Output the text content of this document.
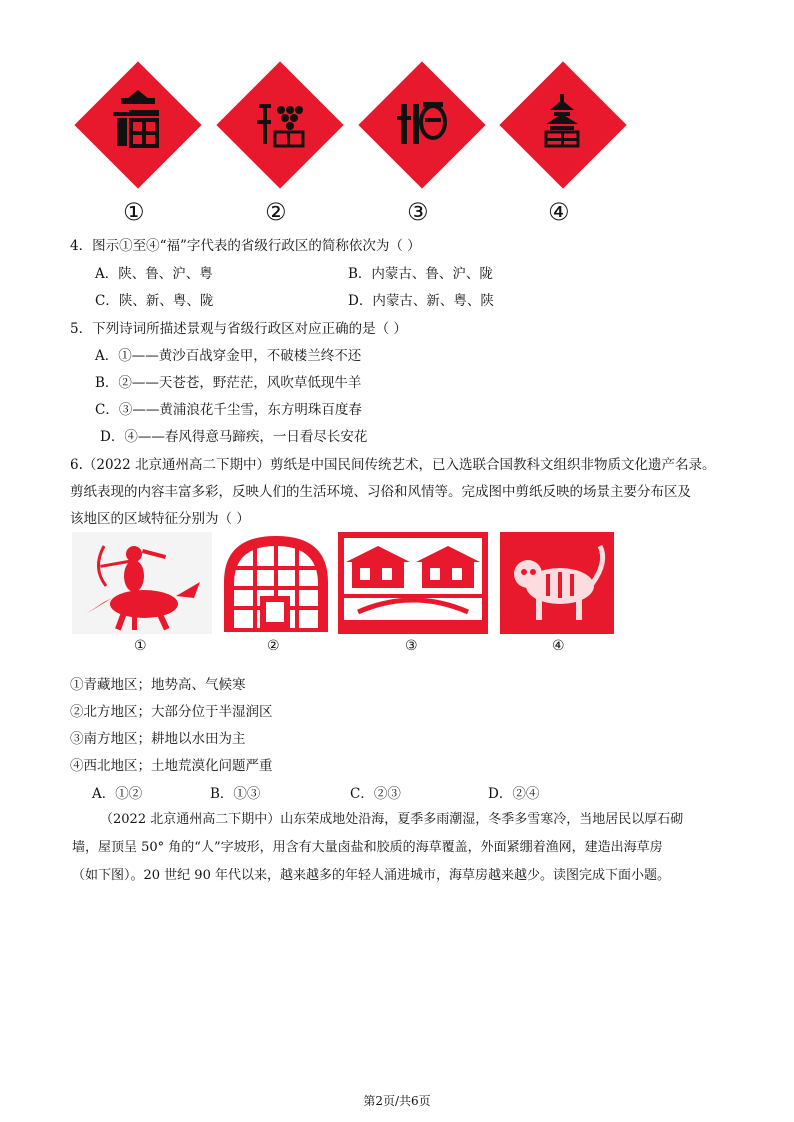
①	②	③	④
4．图示①至④“福”字代表的省级行政区的简称依次为（ ）
A．陕、鲁、沪、粤	B．内蒙古、鲁、沪、陇
C．陕、新、粤、陇	D．内蒙古、新、粤、陕
5．下列诗词所描述景观与省级行政区对应正确的是（ ）
A．①——黄沙百战穿金甲，不破楼兰终不还
B．②——天苍苍，野茫茫，风吹草低现牛羊
C．③——黄浦浪花千尘雪，东方明珠百度春
D．④——春风得意马蹄疾，一日看尽长安花
6.（2022 北京通州高二下期中）剪纸是中国民间传统艺术，已入选联合国教科文组织非物质文化遗产名录。
剪纸表现的内容丰富多彩，反映人们的生活环境、习俗和风情等。完成图中剪纸反映的场景主要分布区及
该地区的区域特征分别为（ ）
①	②	③	④
①青藏地区；地势高、气候寒
②北方地区；大部分位于半湿润区
③南方地区；耕地以水田为主
④西北地区；土地荒漠化问题严重
A．①②	B．①③	C．②③	D．②④
（2022 北京通州高二下期中）山东荣成地处沿海，夏季多雨潮湿，冬季多雪寒冷，当地居民以厚石砌
墙，屋顶呈 50° 角的“人”字坡形，用含有大量卤盐和胶质的海草覆盖，外面紧绷着渔网，建造出海草房
（如下图）。20 世纪 90 年代以来，越来越多的年轻人涌进城市，海草房越来越少。读图完成下面小题。
第2页/共6页
